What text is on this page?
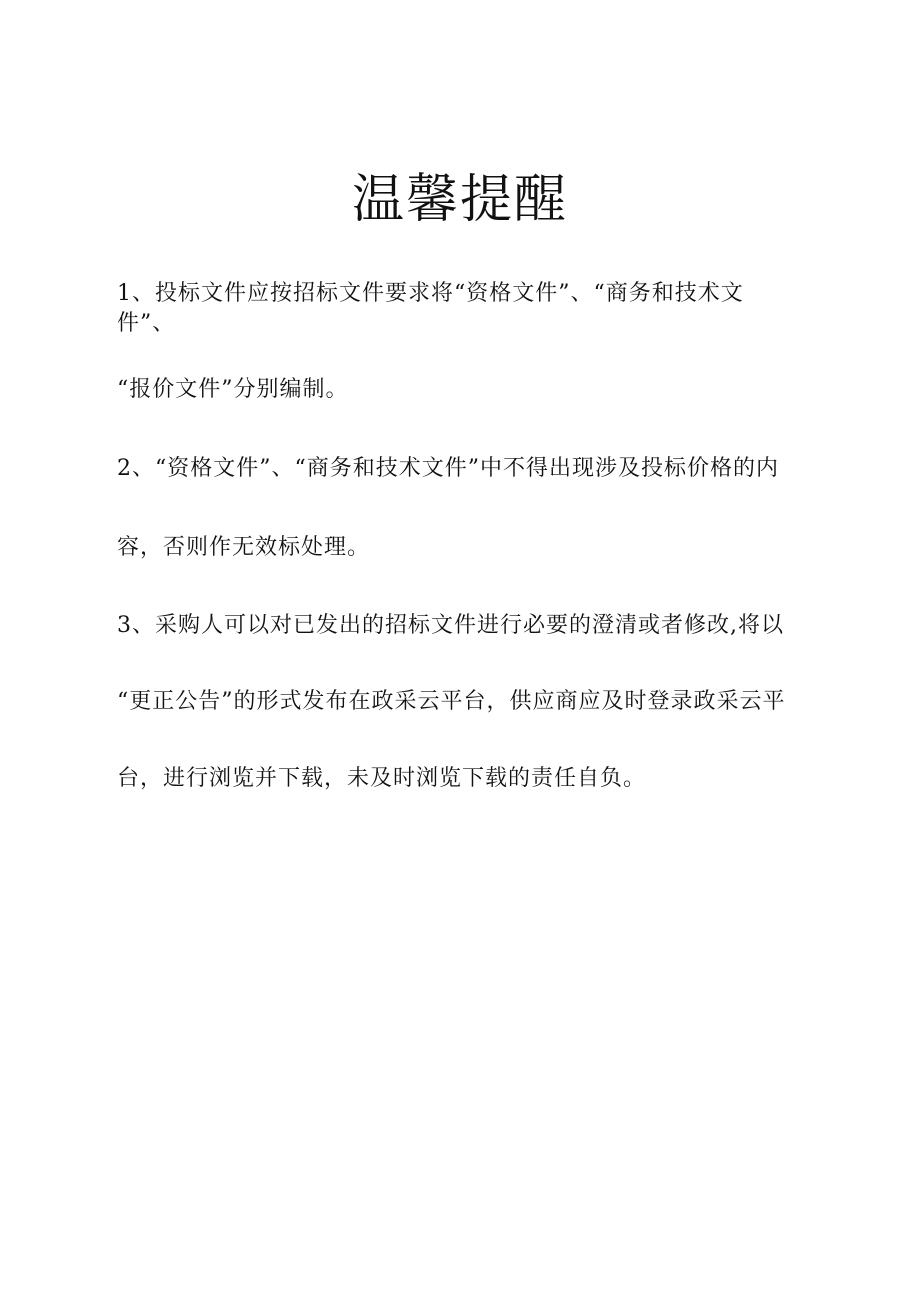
温馨提醒
1、投标文件应按招标文件要求将“资格文件”、“商务和技术文
件”、
“报价文件”分别编制。
2、“资格文件”、“商务和技术文件”中不得出现涉及投标价格的内
容，否则作无效标处理。
3、采购人可以对已发出的招标文件进行必要的澄清或者修改,将以
“更正公告”的形式发布在政采云平台，供应商应及时登录政采云平
台，进行浏览并下载，未及时浏览下载的责任自负。
